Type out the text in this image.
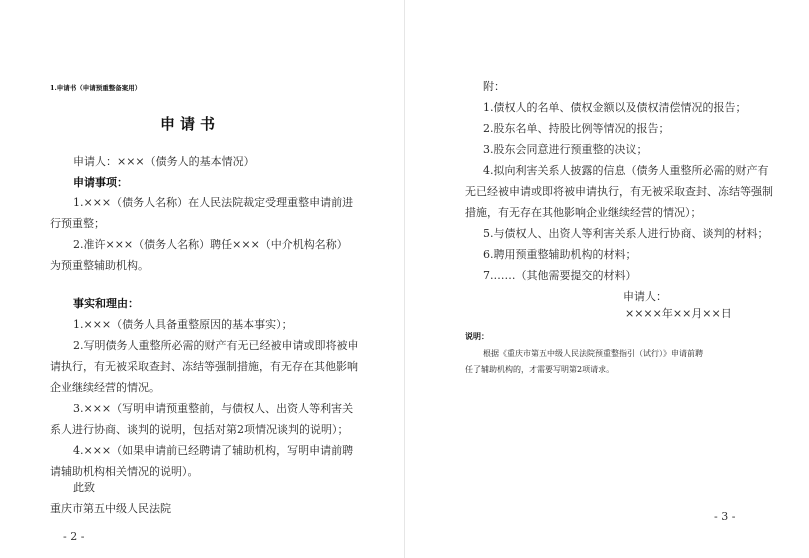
1.申请书（申请预重整备案用）
申请书
申请人：×××（债务人的基本情况）
申请事项：
1.×××（债务人名称）在人民法院裁定受理重整申请前进
行预重整；
2.准许×××（债务人名称）聘任×××（中介机构名称）
为预重整辅助机构。
事实和理由：
1.×××（债务人具备重整原因的基本事实）；
2.写明债务人重整所必需的财产有无已经被申请或即将被申
请执行，有无被采取查封、冻结等强制措施，有无存在其他影响
企业继续经营的情况。
3.×××（写明申请预重整前，与债权人、出资人等利害关
系人进行协商、谈判的说明，包括对第2项情况谈判的说明）；
4.×××（如果申请前已经聘请了辅助机构，写明申请前聘
请辅助机构相关情况的说明）。
此致
重庆市第五中级人民法院
- 2 -
附：
1.债权人的名单、债权金额以及债权清偿情况的报告；
2.股东名单、持股比例等情况的报告；
3.股东会同意进行预重整的决议；
4.拟向利害关系人披露的信息（债务人重整所必需的财产有
无已经被申请或即将被申请执行，有无被采取查封、冻结等强制
措施，有无存在其他影响企业继续经营的情况）；
5.与债权人、出资人等利害关系人进行协商、谈判的材料；
6.聘用预重整辅助机构的材料；
7.……（其他需要提交的材料）
申请人：
××××年××月××日
说明：
根据《重庆市第五中级人民法院预重整指引（试行）》申请前聘
任了辅助机构的，才需要写明第2项请求。
- 3 -
